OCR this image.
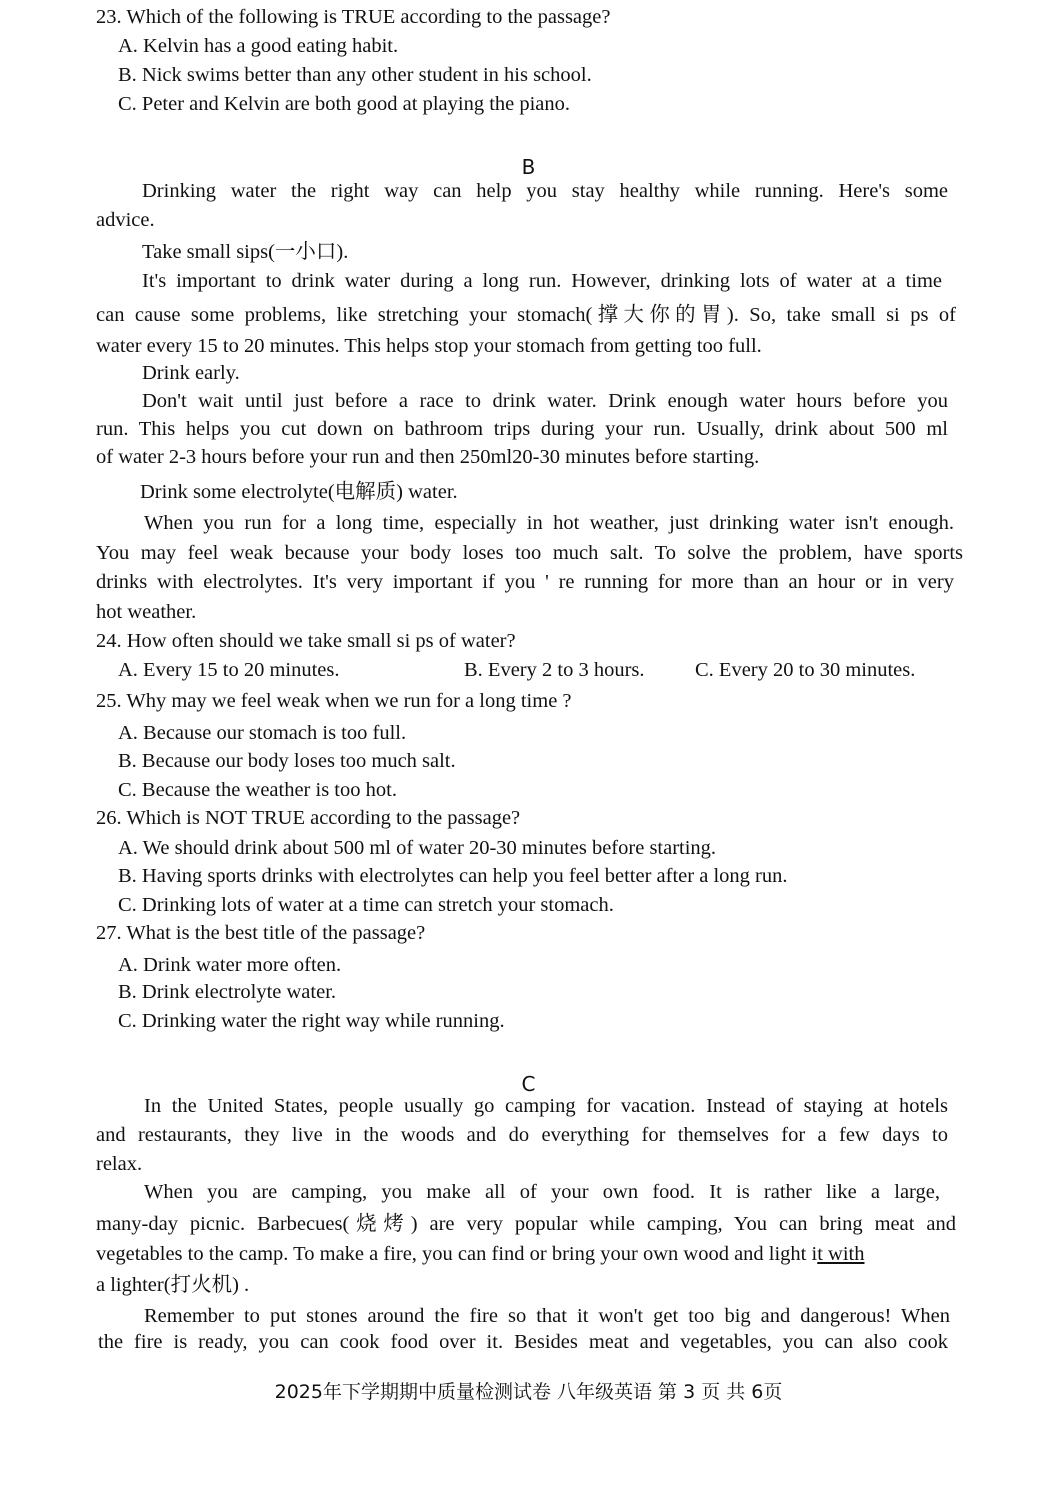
23. Which of the following is TRUE according to the passage?
A. Kelvin has a good eating habit.
B. Nick swims better than any other student in his school.
C. Peter and Kelvin are both good at playing the piano.
B
Drinking water the right way can help you stay healthy while running. Here's some
advice.
Take small sips(一小口).
It's important to drink water during a long run. However, drinking lots of water at a time
can cause some problems, like stretching your stomach(撑大你的胃). So, take small si ps of
water every 15 to 20 minutes. This helps stop your stomach from getting too full.
Drink early.
Don't wait until just before a race to drink water. Drink enough water hours before you
run. This helps you cut down on bathroom trips during your run. Usually, drink about 500 ml
of water 2-3 hours before your run and then 250ml20-30 minutes before starting.
Drink some electrolyte(电解质) water.
When you run for a long time, especially in hot weather, just drinking water isn't enough.
You may feel weak because your body loses too much salt. To solve the problem, have sports
drinks with electrolytes. It's very important if you ' re running for more than an hour or in very
hot weather.
24. How often should we take small si ps of water?
A. Every 15 to 20 minutes.	B. Every 2 to 3 hours. C. Every 20 to 30 minutes.
25. Why may we feel weak when we run for a long time ?
A. Because our stomach is too full.
B. Because our body loses too much salt.
C. Because the weather is too hot.
26. Which is NOT TRUE according to the passage?
A. We should drink about 500 ml of water 20-30 minutes before starting.
B. Having sports drinks with electrolytes can help you feel better after a long run.
C. Drinking lots of water at a time can stretch your stomach.
27. What is the best title of the passage?
A. Drink water more often.
B. Drink electrolyte water.
C. Drinking water the right way while running.
C
In the United States, people usually go camping for vacation. Instead of staying at hotels
and restaurants, they live in the woods and do everything for themselves for a few days to
relax.
When you are camping, you make all of your own food. It is rather like a large,
many-day picnic. Barbecues(烧烤) are very popular while camping, You can bring meat and
vegetables to the camp. To make a fire, you can find or bring your own wood and light it with
a lighter(打火机) .
Remember to put stones around the fire so that it won't get too big and dangerous! When
the fire is ready, you can cook food over it. Besides meat and vegetables, you can also cook
2025年下学期期中质量检测试卷 八年级英语 第 3 页 共 6页
